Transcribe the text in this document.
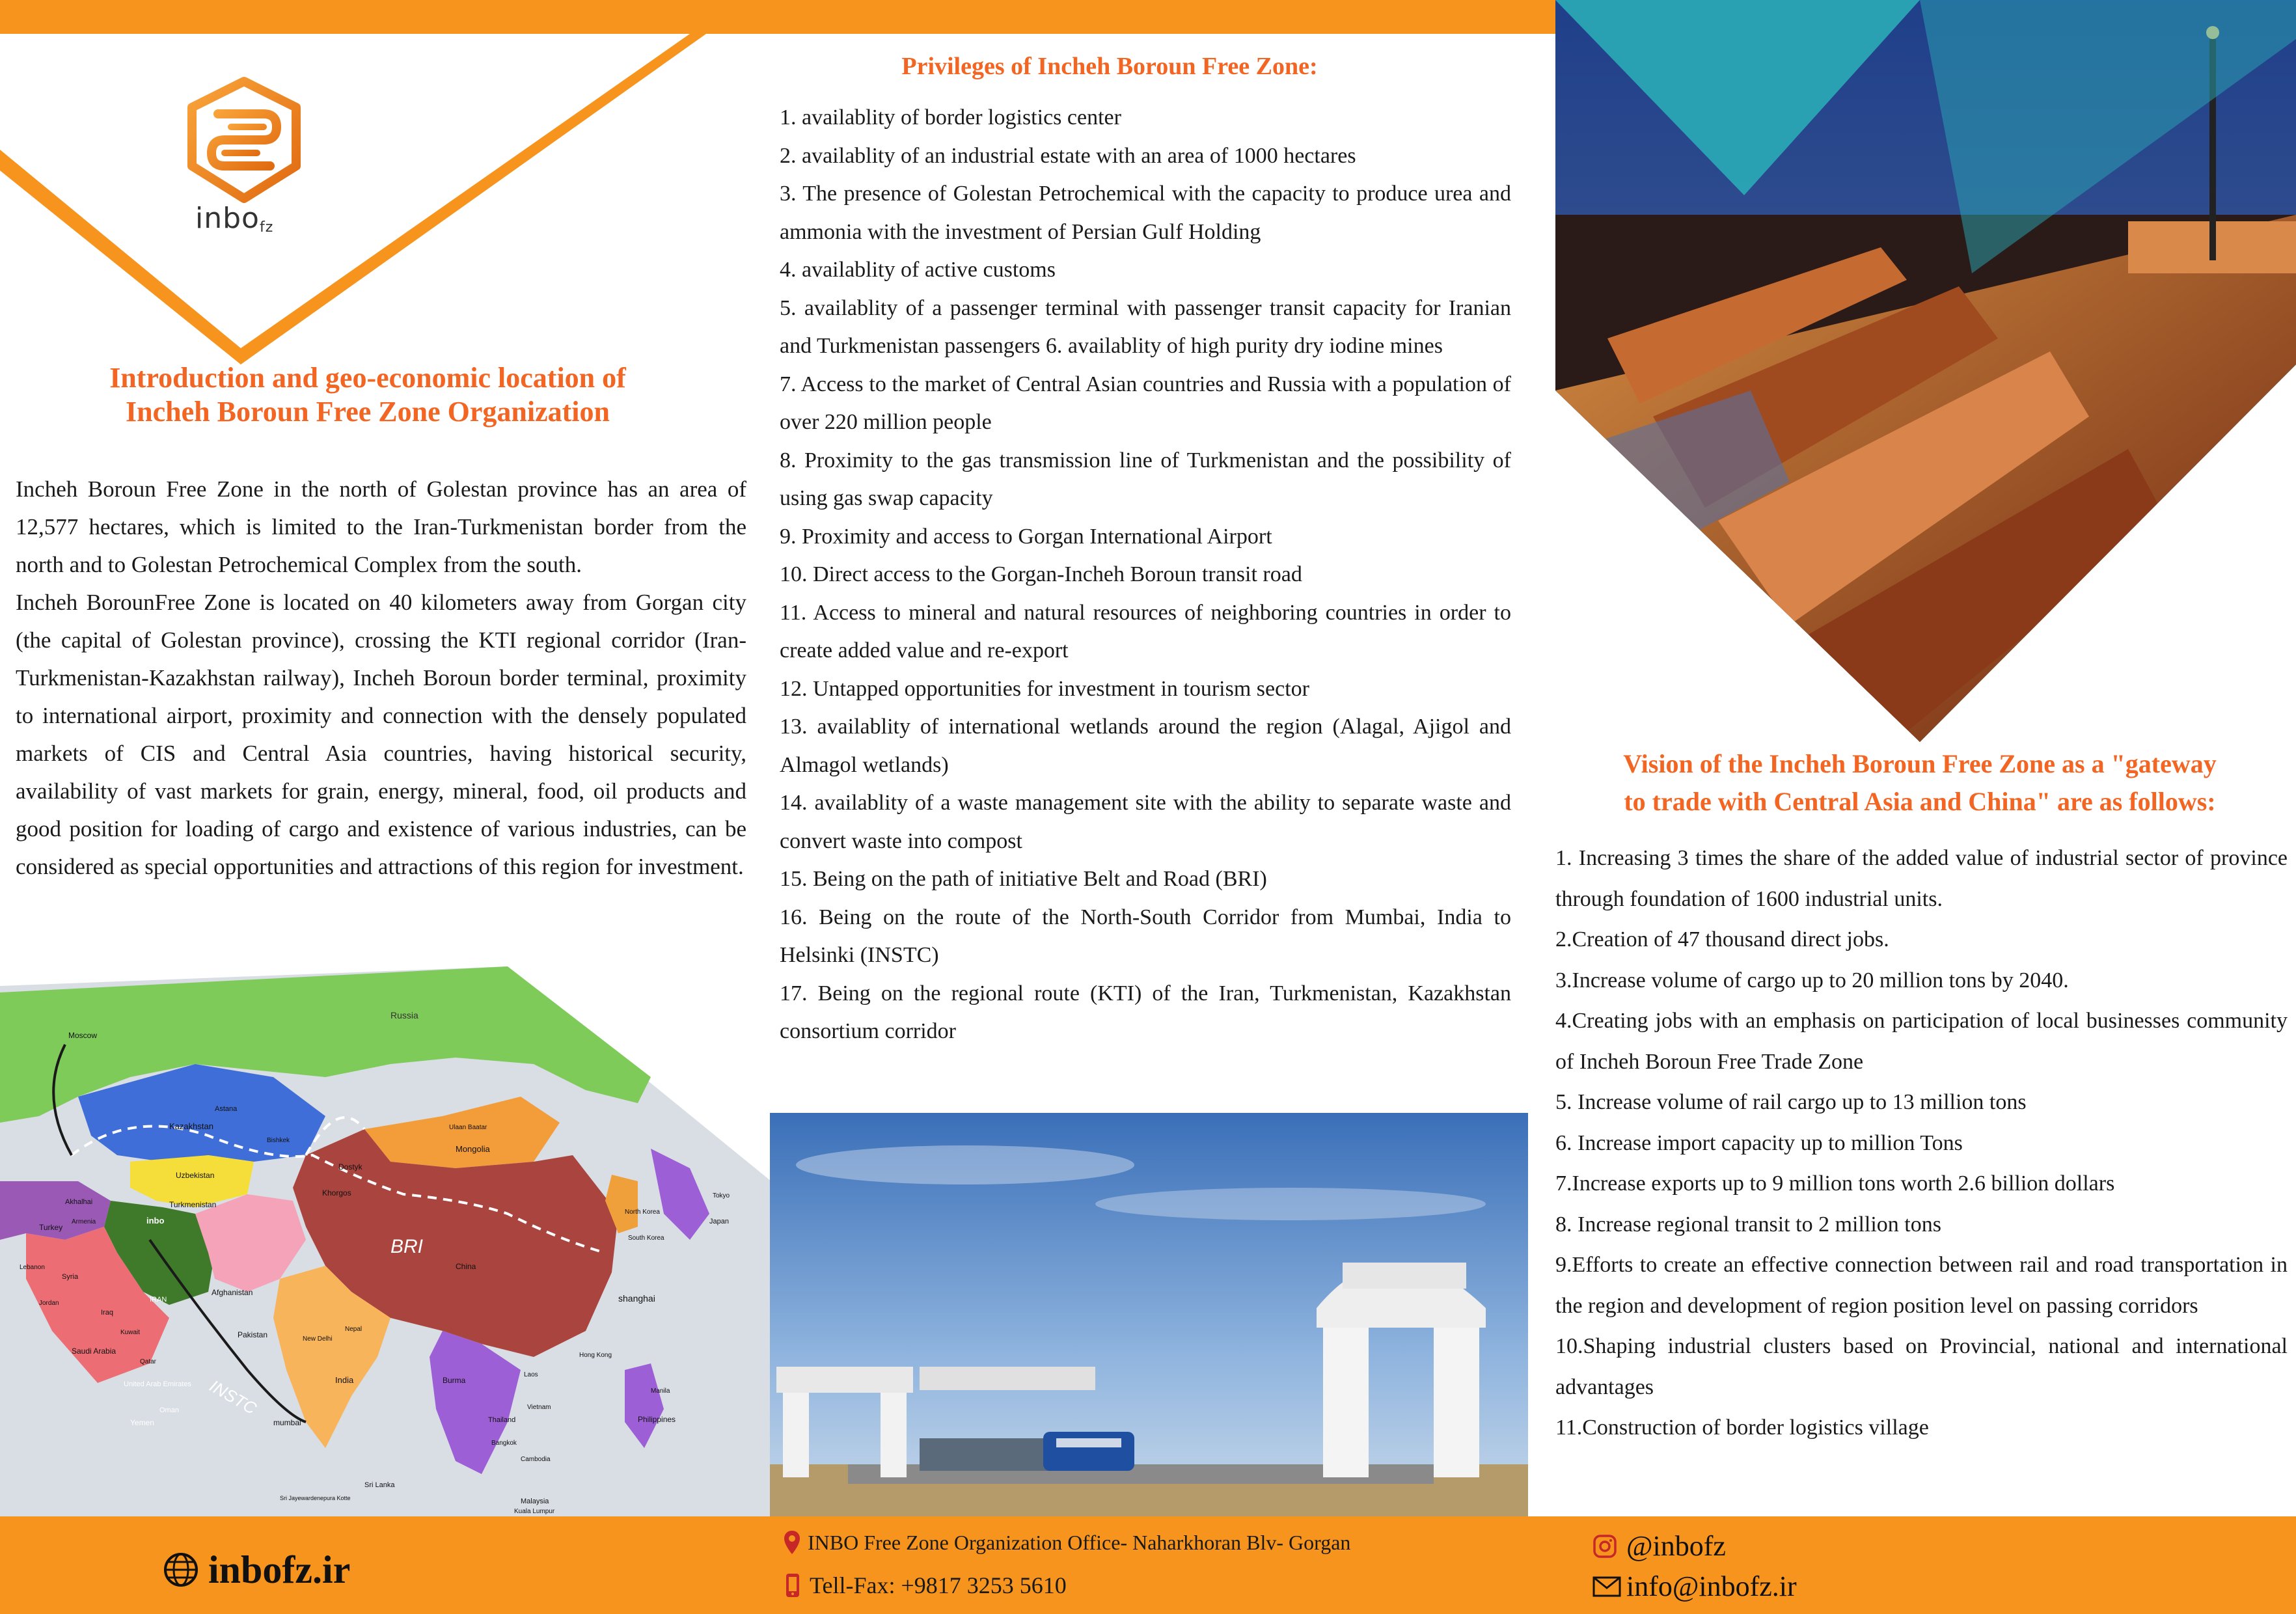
inbofz
Introduction and geo-economic location of
Incheh Boroun Free Zone Organization
Incheh Boroun Free Zone in the north of Golestan province has an area of 12,577 hectares, which is limited to the Iran-Turkmenistan border from the north and to Golestan Petrochemical Complex from the south.
Incheh BorounFree Zone is located on 40 kilometers away from Gorgan city (the capital of Golestan province), crossing the KTI regional corridor (Iran-Turkmenistan-Kazakhstan railway), Incheh Boroun border terminal, proximity to international airport, proximity and connection with the densely populated markets of CIS and Central Asia countries, having historical security, availability of vast markets for grain, energy, mineral, food, oil products and good position for loading of cargo and existence of various industries, can be considered as special opportunities and attractions of this region for investment.
Russia
Moscow
Kazakhstan
Astana
Dostyk
Khorgos
Mongolia
Ulaan Baatar
BRI
China
shanghai
Uzbekistan
Turkmenistan
Afghanistan
Pakistan
IRAN
inbo
Turkey
Syria
Iraq
Saudi Arabia
United Arab Emirates
Oman
Yemen
India
New Delhi
Nepal
Burma
Thailand
Laos
Cambodia
Vietnam
Malaysia
Philippines
Japan
North Korea
South Korea
Hong Kong
Sri Lanka
mumbai
INSTC
Bishkek
Akhalhai
Armenia
Lebanon
Jordan
Kuwait
Qatar
Bangkok
Kuala Lumpur
Manila
Tokyo
Sri Jayewardenepura Kotte
Privileges of Incheh Boroun Free Zone:
1. availablity of border logistics center
2. availablity of an industrial estate with an area of 1000 hectares
3. The presence of Golestan Petrochemical with the capacity to produce urea and ammonia with the investment of Persian Gulf Holding
4. availablity of active customs
5. availablity of a passenger terminal with passenger transit capacity for Iranian and Turkmenistan passengers 6. availablity of high purity dry iodine mines
7. Access to the market of Central Asian countries and Russia with a population of over 220 million people
8. Proximity to the gas transmission line of Turkmenistan and the possibility of using gas swap capacity
9. Proximity and access to Gorgan International Airport
10. Direct access to the Gorgan-Incheh Boroun transit road
11. Access to mineral and natural resources of neighboring countries in order to create added value and re-export
12. Untapped opportunities for investment in tourism sector
13. availablity of international wetlands around the region (Alagal, Ajigol and Almagol wetlands)
14. availablity of a waste management site with the ability to separate waste and convert waste into compost
15. Being on the path of initiative Belt and Road (BRI)
16. Being on the route of the North-South Corridor from Mumbai, India to Helsinki (INSTC)
17. Being on the regional route (KTI) of the Iran, Turkmenistan, Kazakhstan consortium corridor
Vision of the Incheh Boroun Free Zone as a "gateway
to trade with Central Asia and China" are as follows:
1. Increasing 3 times the share of the added value of industrial sector of province through foundation of 1600 industrial units.
2.Creation of 47 thousand direct jobs.
3.Increase volume of cargo up to 20 million tons by 2040.
4.Creating jobs with an emphasis on participation of local businesses community of Incheh Boroun Free Trade Zone
5. Increase volume of rail cargo up to 13 million tons
6. Increase import capacity up to million Tons
7.Increase exports up to 9 million tons worth 2.6 billion dollars
8. Increase regional transit to 2 million tons
9.Efforts to create an effective connection between rail and road transportation in the region and development of region position level on passing corridors
10.Shaping industrial clusters based on Provincial, national and international advantages
11.Construction of border logistics village
inbofz.ir
INBO Free Zone Organization Office- Naharkhoran Blv- Gorgan
Tell-Fax: +9817 3253 5610
@inbofz
info@inbofz.ir
